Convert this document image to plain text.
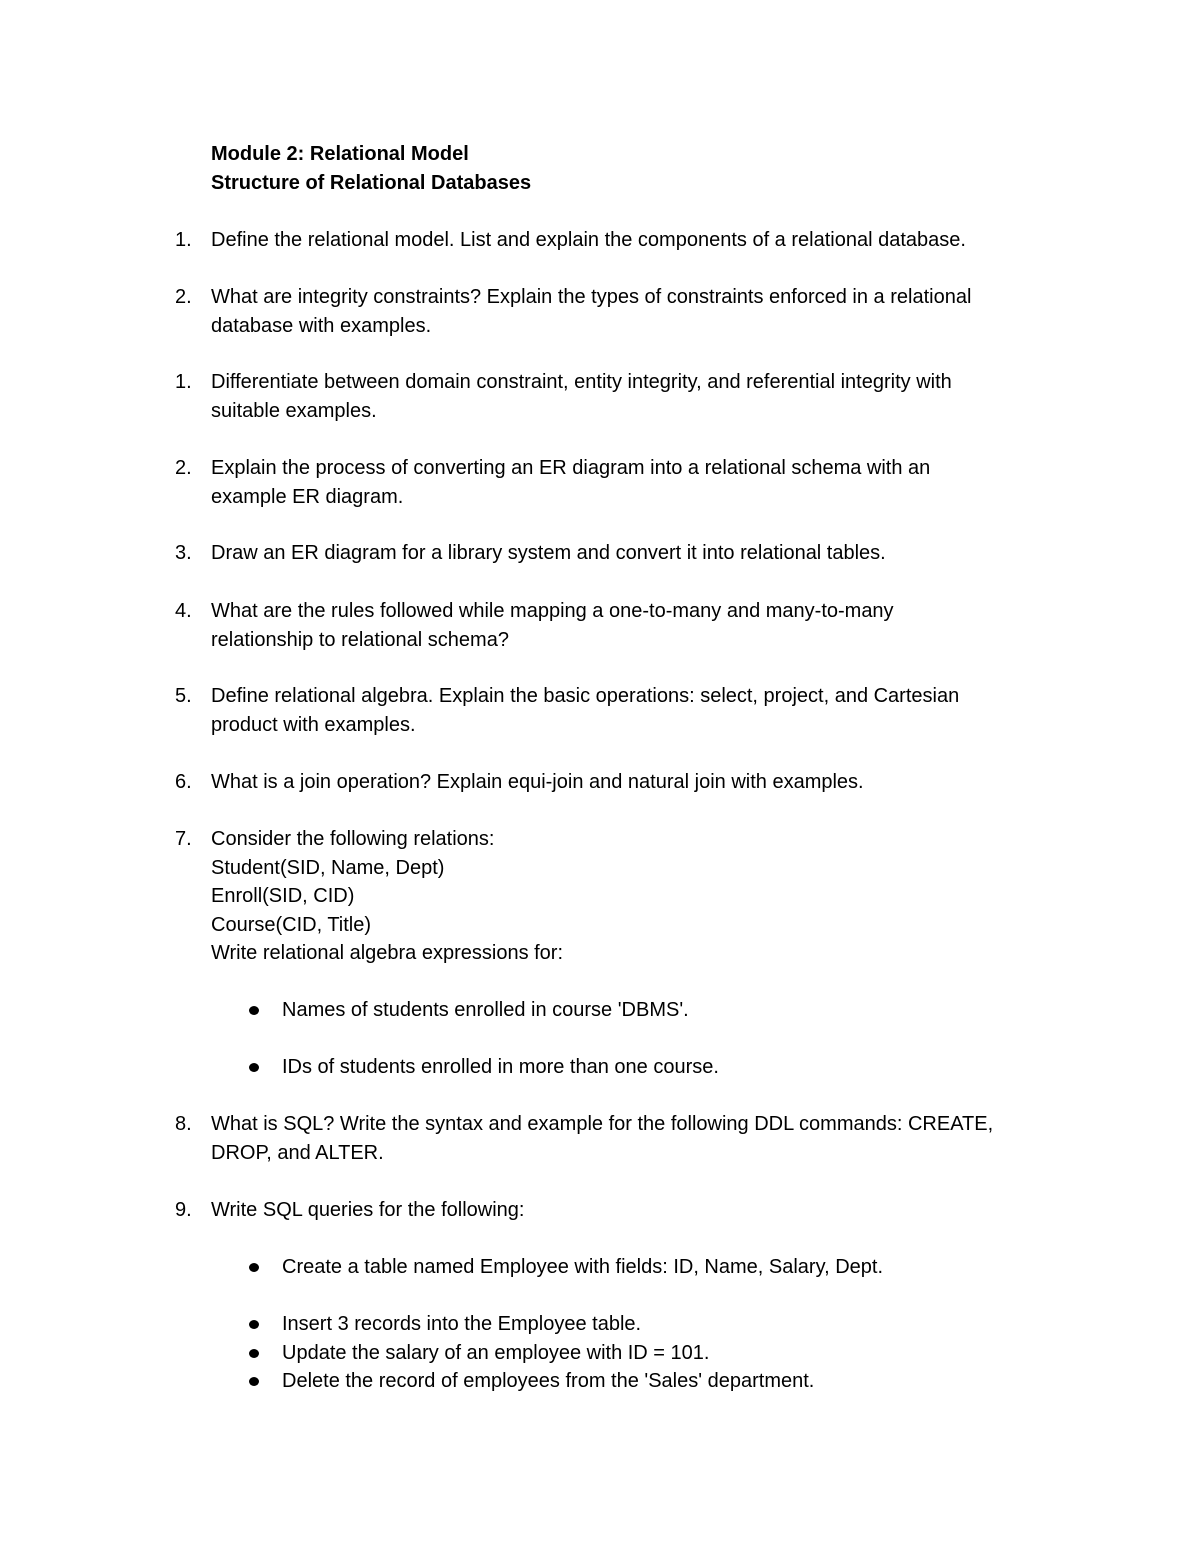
Module 2: Relational Model
Structure of Relational Databases
1. Define the relational model. List and explain the components of a relational database.
2. What are integrity constraints? Explain the types of constraints enforced in a relational
database with examples.
1. Differentiate between domain constraint, entity integrity, and referential integrity with
suitable examples.
2. Explain the process of converting an ER diagram into a relational schema with an
example ER diagram.
3. Draw an ER diagram for a library system and convert it into relational tables.
4. What are the rules followed while mapping a one-to-many and many-to-many
relationship to relational schema?
5. Define relational algebra. Explain the basic operations: select, project, and Cartesian
product with examples.
6. What is a join operation? Explain equi-join and natural join with examples.
7. Consider the following relations:
Student(SID, Name, Dept)
Enroll(SID, CID)
Course(CID, Title)
Write relational algebra expressions for:
Names of students enrolled in course 'DBMS'.
IDs of students enrolled in more than one course.
8. What is SQL? Write the syntax and example for the following DDL commands: CREATE,
DROP, and ALTER.
9. Write SQL queries for the following:
Create a table named Employee with fields: ID, Name, Salary, Dept.
Insert 3 records into the Employee table.
Update the salary of an employee with ID = 101.
Delete the record of employees from the 'Sales' department.
